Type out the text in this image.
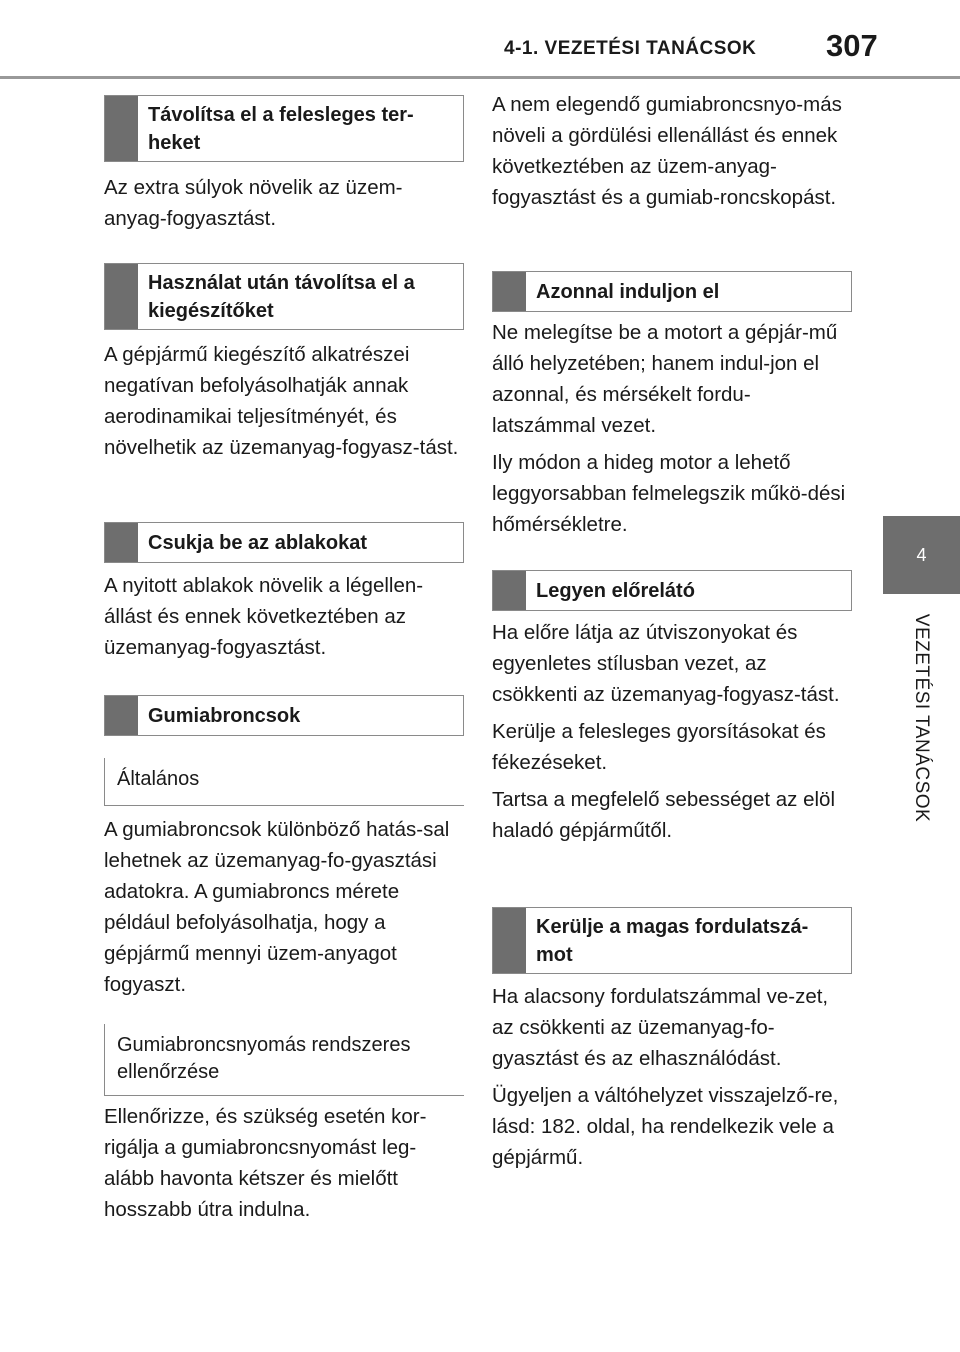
4-1. VEZETÉSI TANÁCSOK 307
4
VEZETÉSI TANÁCSOK
Távolítsa el a felesleges ter-heket

Az extra súlyok növelik az üzem-anyag-fogyasztást.

Használat után távolítsa el a kiegészítőket

A gépjármű kiegészítő alkatrészei negatívan befolyásolhatják annak aerodinamikai teljesítményét, és növelhetik az üzemanyag-fogyasz-tást.

Csukja be az ablakokat

A nyitott ablakok növelik a légellen-állást és ennek következtében az üzemanyag-fogyasztást.

Gumiabroncsok
Általános

A gumiabroncsok különböző hatás-sal lehetnek az üzemanyag-fo-gyasztási adatokra. A gumiabroncs mérete például befolyásolhatja, hogy a gépjármű mennyi üzem-anyagot fogyaszt.

Gumiabroncsnyomás rendszeres ellenőrzése

Ellenőrizze, és szükség esetén kor-rigálja a gumiabroncsnyomást leg-alább havonta kétszer és mielőtt hosszabb útra indulna.

A nem elegendő gumiabroncsnyo-más növeli a gördülési ellenállást és ennek következtében az üzem-anyag-fogyasztást és a gumiab-roncskopást.

Azonnal induljon el

Ne melegítse be a motort a gépjár-mű álló helyzetében; hanem indul-jon el azonnal, és mérsékelt fordu-latszámmal vezet.

Ily módon a hideg motor a lehető leggyorsabban felmelegszik műkö-dési hőmérsékletre.

Legyen előrelátó

Ha előre látja az útviszonyokat és egyenletes stílusban vezet, az csökkenti az üzemanyag-fogyasz-tást.

Kerülje a felesleges gyorsításokat és fékezéseket.

Tartsa a megfelelő sebességet az elöl haladó gépjárműtől.

Kerülje a magas fordulatszá-mot

Ha alacsony fordulatszámmal ve-zet, az csökkenti az üzemanyag-fo-gyasztást és az elhasználódást.

Ügyeljen a váltóhelyzet visszajelző-re, lásd: 182. oldal, ha rendelkezik vele a gépjármű.
